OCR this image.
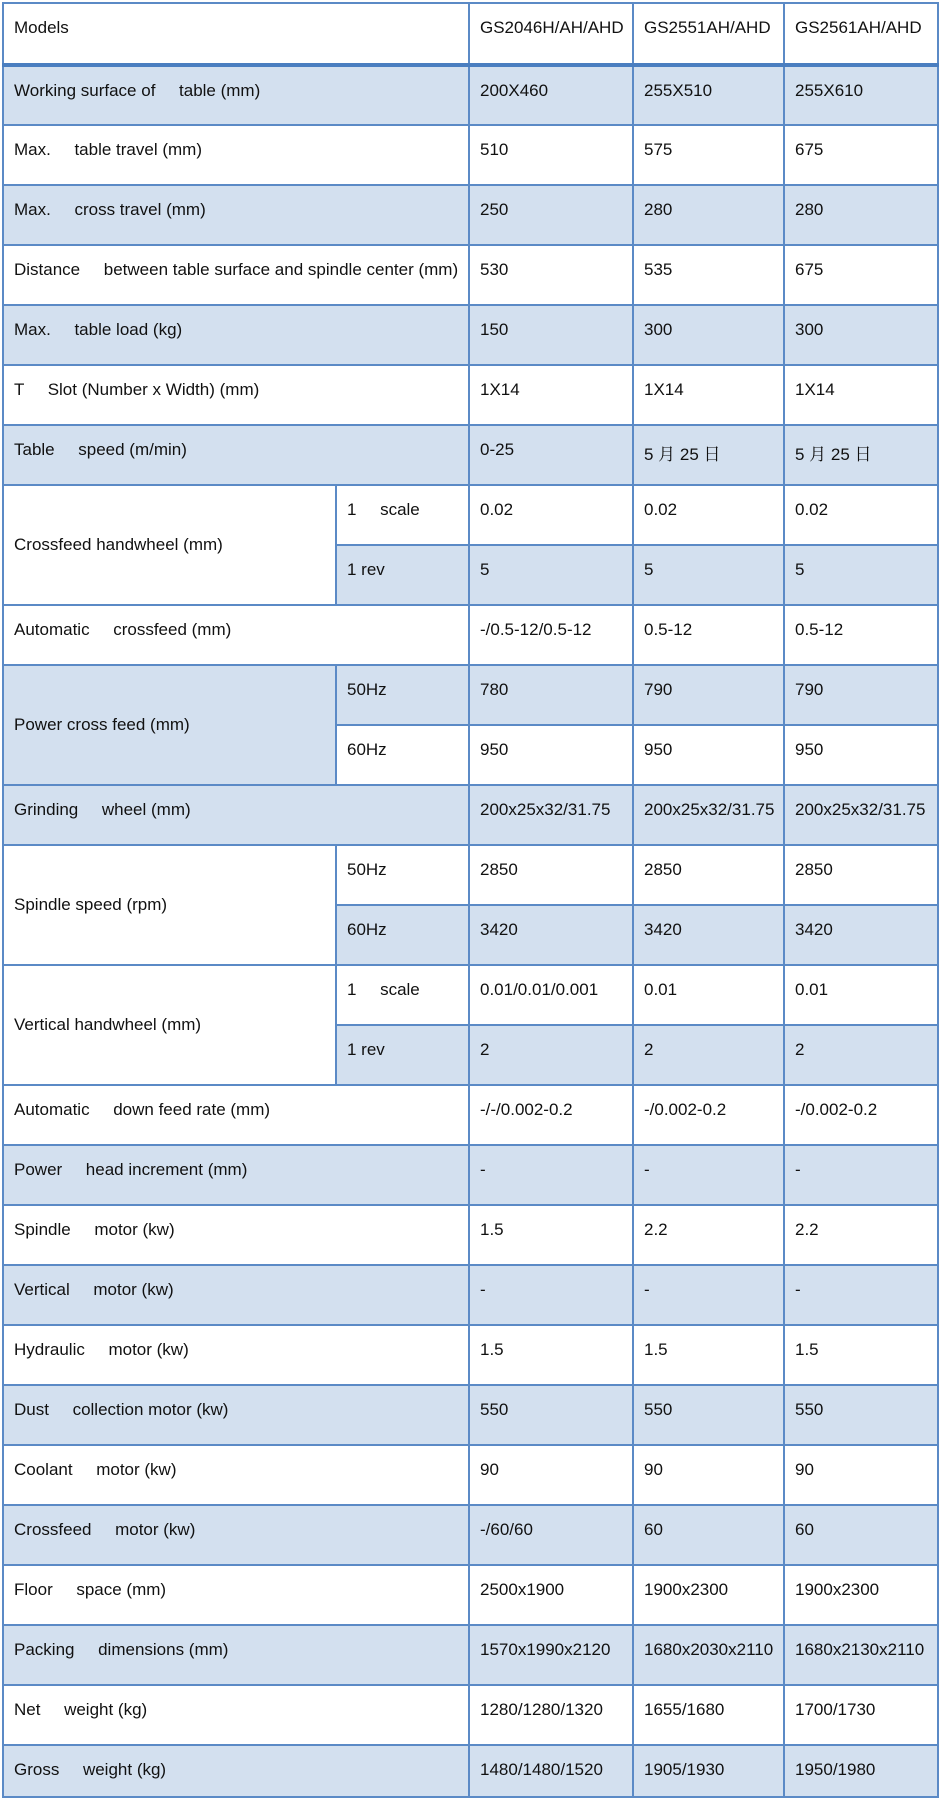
Models		GS2046H/AH/AHD	GS2551AH/AHD	GS2561AH/AHD
Working surface of     table (mm)		200X460	255X510	255X610
Max.     table travel (mm)		510	575	675
Max.     cross travel (mm)		250	280	280
Distance     between table surface and spindle center (mm)		530	535	675
Max.     table load (kg)		150	300	300
T     Slot (Number x Width) (mm)		1X14	1X14	1X14
Table     speed (m/min)		0-25	5 月 25 日	5 月 25 日
Crossfeed handwheel (mm)	1     scale	0.02	0.02	0.02
	1 rev	5	5	5
Automatic     crossfeed (mm)		-/0.5-12/0.5-12	0.5-12	0.5-12
Power cross feed (mm)	50Hz	780	790	790
	60Hz	950	950	950
Grinding     wheel (mm)		200x25x32/31.75	200x25x32/31.75	200x25x32/31.75
Spindle speed (rpm)	50Hz	2850	2850	2850
	60Hz	3420	3420	3420
Vertical handwheel (mm)	1     scale	0.01/0.01/0.001	0.01	0.01
	1 rev	2	2	2
Automatic     down feed rate (mm)		-/-/0.002-0.2	-/0.002-0.2	-/0.002-0.2
Power     head increment (mm)		-	-	-
Spindle     motor (kw)		1.5	2.2	2.2
Vertical     motor (kw)		-	-	-
Hydraulic     motor (kw)		1.5	1.5	1.5
Dust     collection motor (kw)		550	550	550
Coolant     motor (kw)		90	90	90
Crossfeed     motor (kw)		-/60/60	60	60
Floor     space (mm)		2500x1900	1900x2300	1900x2300
Packing     dimensions (mm)		1570x1990x2120	1680x2030x2110	1680x2130x2110
Net     weight (kg)		1280/1280/1320	1655/1680	1700/1730
Gross     weight (kg)		1480/1480/1520	1905/1930	1950/1980
